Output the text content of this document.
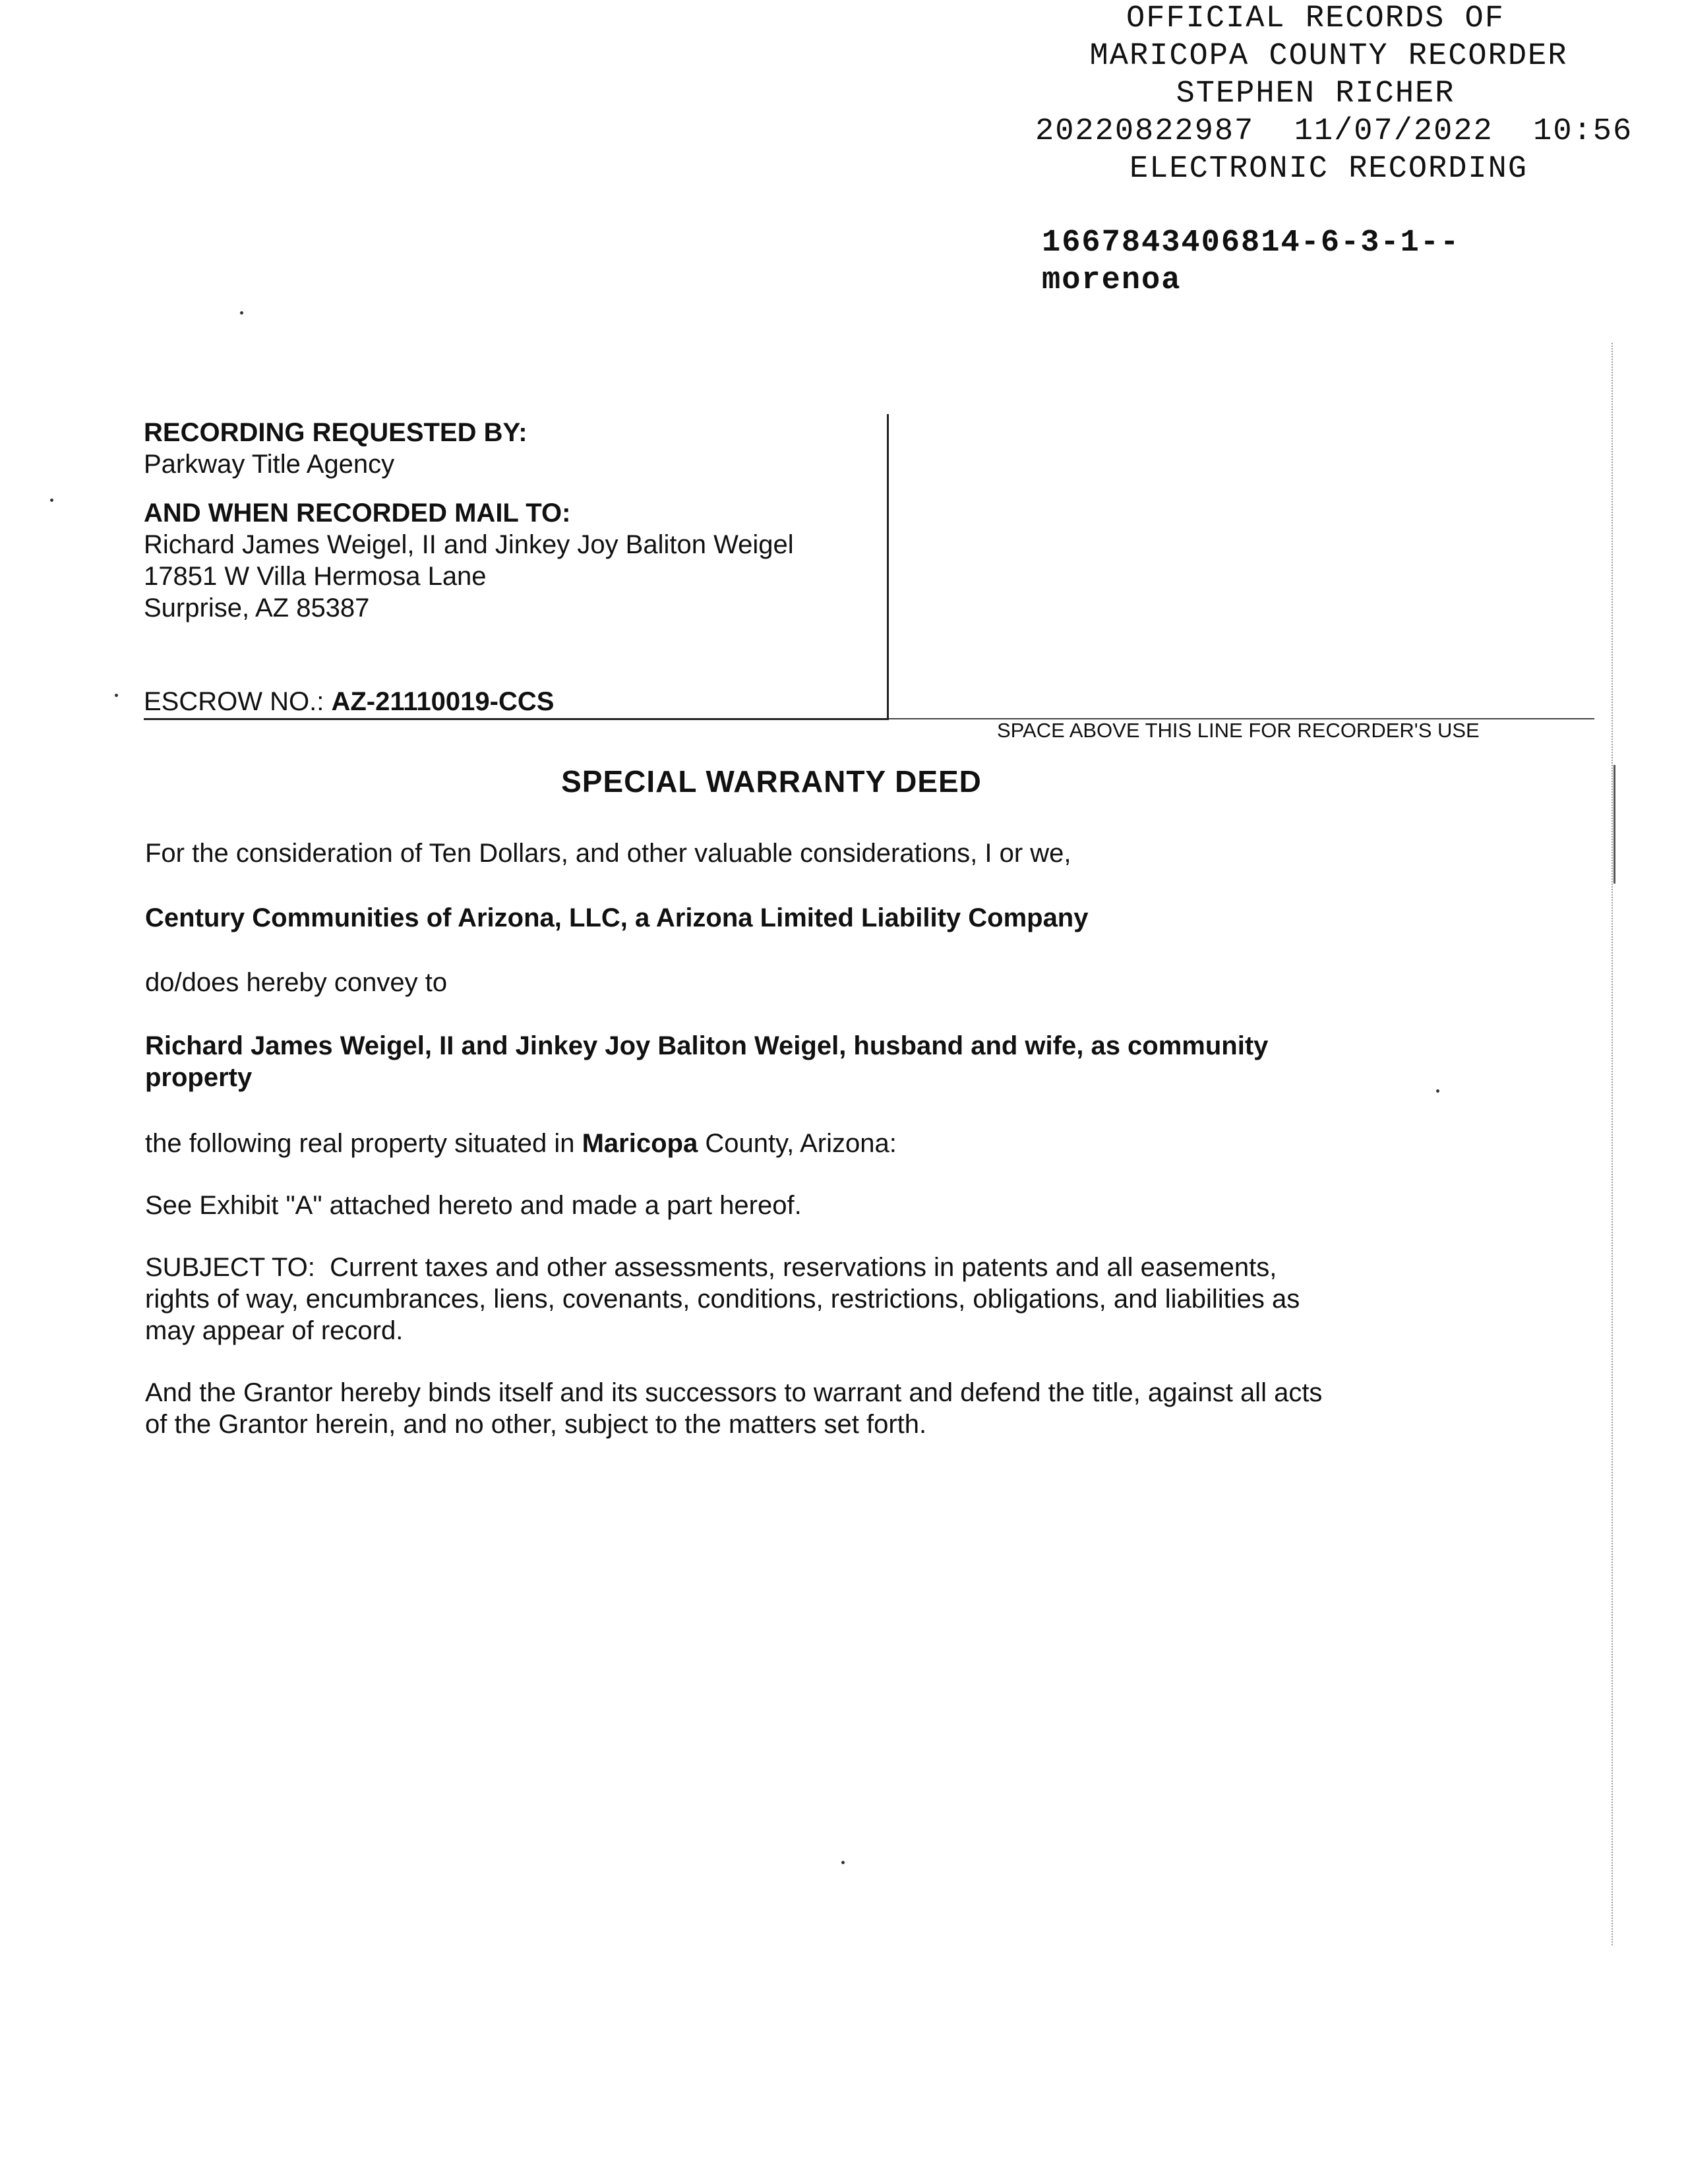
OFFICIAL RECORDS OF
MARICOPA COUNTY RECORDER
STEPHEN RICHER
20220822987 11/07/2022 10:56
ELECTRONIC RECORDING
1667843406814-6-3-1--
morenoa
RECORDING REQUESTED BY:
Parkway Title Agency
AND WHEN RECORDED MAIL TO:
Richard James Weigel, II and Jinkey Joy Baliton Weigel
17851 W Villa Hermosa Lane
Surprise, AZ 85387
ESCROW NO.: AZ-21110019-CCS
SPACE ABOVE THIS LINE FOR RECORDER'S USE
SPECIAL WARRANTY DEED
For the consideration of Ten Dollars, and other valuable considerations, I or we,
Century Communities of Arizona, LLC, a Arizona Limited Liability Company
do/does hereby convey to
Richard James Weigel, II and Jinkey Joy Baliton Weigel, husband and wife, as community
property
the following real property situated in Maricopa County, Arizona:
See Exhibit "A" attached hereto and made a part hereof.
SUBJECT TO:  Current taxes and other assessments, reservations in patents and all easements,
rights of way, encumbrances, liens, covenants, conditions, restrictions, obligations, and liabilities as
may appear of record.
And the Grantor hereby binds itself and its successors to warrant and defend the title, against all acts
of the Grantor herein, and no other, subject to the matters set forth.
